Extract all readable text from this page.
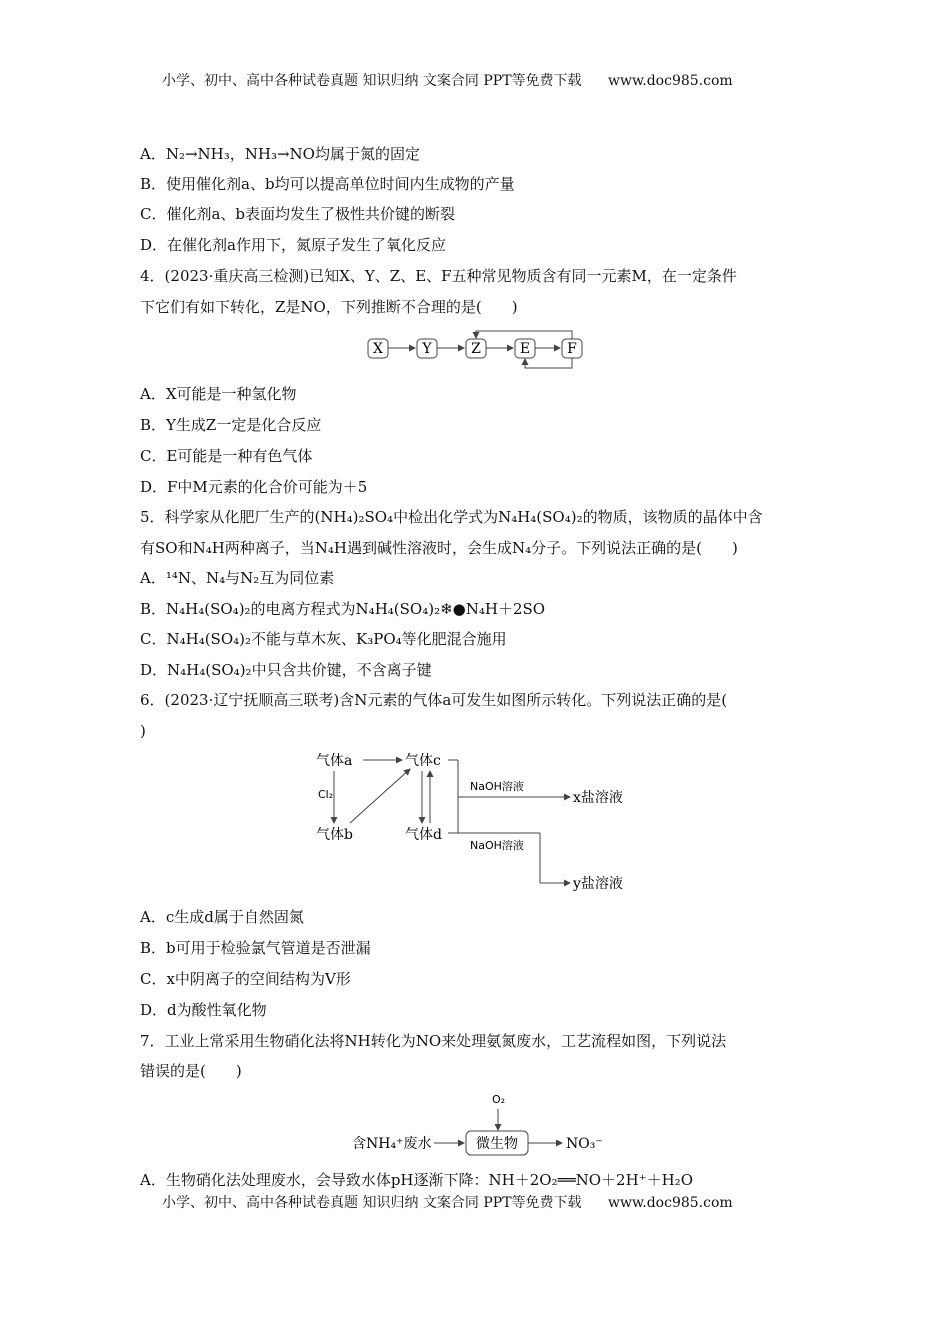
小学、初中、高中各种试卷真题 知识归纳 文案合同 PPT等免费下载 www.doc985.com
A．N₂→NH₃，NH₃→NO均属于氮的固定
B．使用催化剂a、b均可以提高单位时间内生成物的产量
C．催化剂a、b表面均发生了极性共价键的断裂
D．在催化剂a作用下，氮原子发生了氧化反应
4．(2023·重庆高三检测)已知X、Y、Z、E、F五种常见物质含有同一元素M，在一定条件
下它们有如下转化，Z是NO，下列推断不合理的是(　　)
X	Y	Z	E	F
A．X可能是一种氢化物
B．Y生成Z一定是化合反应
C．E可能是一种有色气体
D．F中M元素的化合价可能为＋5
5．科学家从化肥厂生产的(NH₄)₂SO₄中检出化学式为N₄H₄(SO₄)₂的物质，该物质的晶体中含
有SO和N₄H两种离子，当N₄H遇到碱性溶液时，会生成N₄分子。下列说法正确的是(　　)
A．¹⁴N、N₄与N₂互为同位素
B．N₄H₄(SO₄)₂的电离方程式为N₄H₄(SO₄)₂❄●N₄H＋2SO
C．N₄H₄(SO₄)₂不能与草木灰、K₃PO₄等化肥混合施用
D．N₄H₄(SO₄)₂中只含共价键，不含离子键
6．(2023·辽宁抚顺高三联考)含N元素的气体a可发生如图所示转化。下列说法正确的是(
)
气体a	气体c
气体b	气体d
Cl₂
NaOH溶液
x盐溶液
NaOH溶液
y盐溶液
A．c生成d属于自然固氮
B．b可用于检验氯气管道是否泄漏
C．x中阴离子的空间结构为V形
D．d为酸性氧化物
7．工业上常采用生物硝化法将NH转化为NO来处理氨氮废水，工艺流程如图，下列说法
错误的是(　　)
O₂
含NH₄⁺废水	微生物	NO₃⁻
A．生物硝化法处理废水，会导致水体pH逐渐下降：NH＋2O₂══NO＋2H⁺＋H₂O
小学、初中、高中各种试卷真题 知识归纳 文案合同 PPT等免费下载 www.doc985.com
